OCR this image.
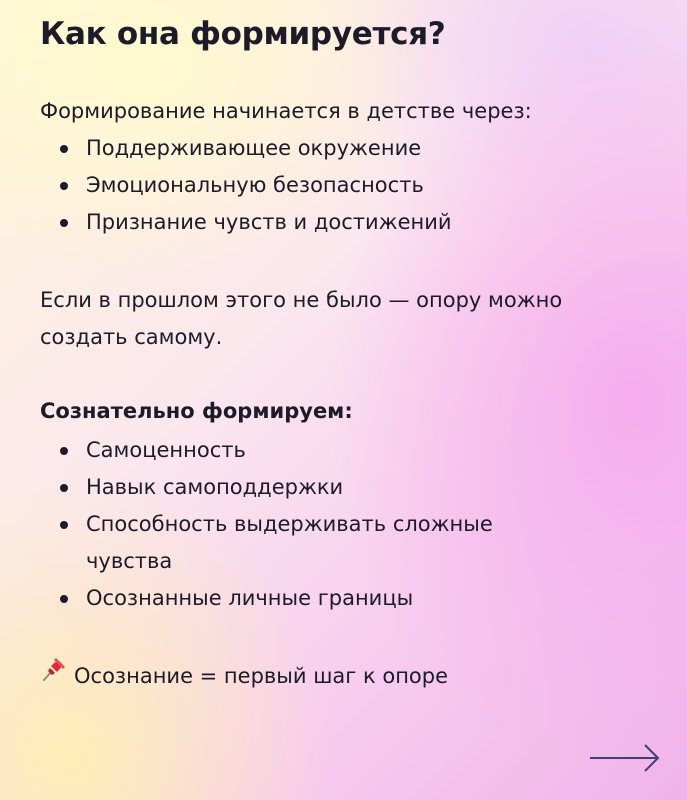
Как она формируется?

Формирование начинается в детстве через:

Поддерживающее окружение
Эмоциональную безопасность
Признание чувств и достижений

Если в прошлом этого не было — опору можно создать самому.

Сознательно формируем:

Самоценность
Навык самоподдержки
Способность выдерживать сложные чувства
Осознанные личные границы

Осознание = первый шаг к опоре
